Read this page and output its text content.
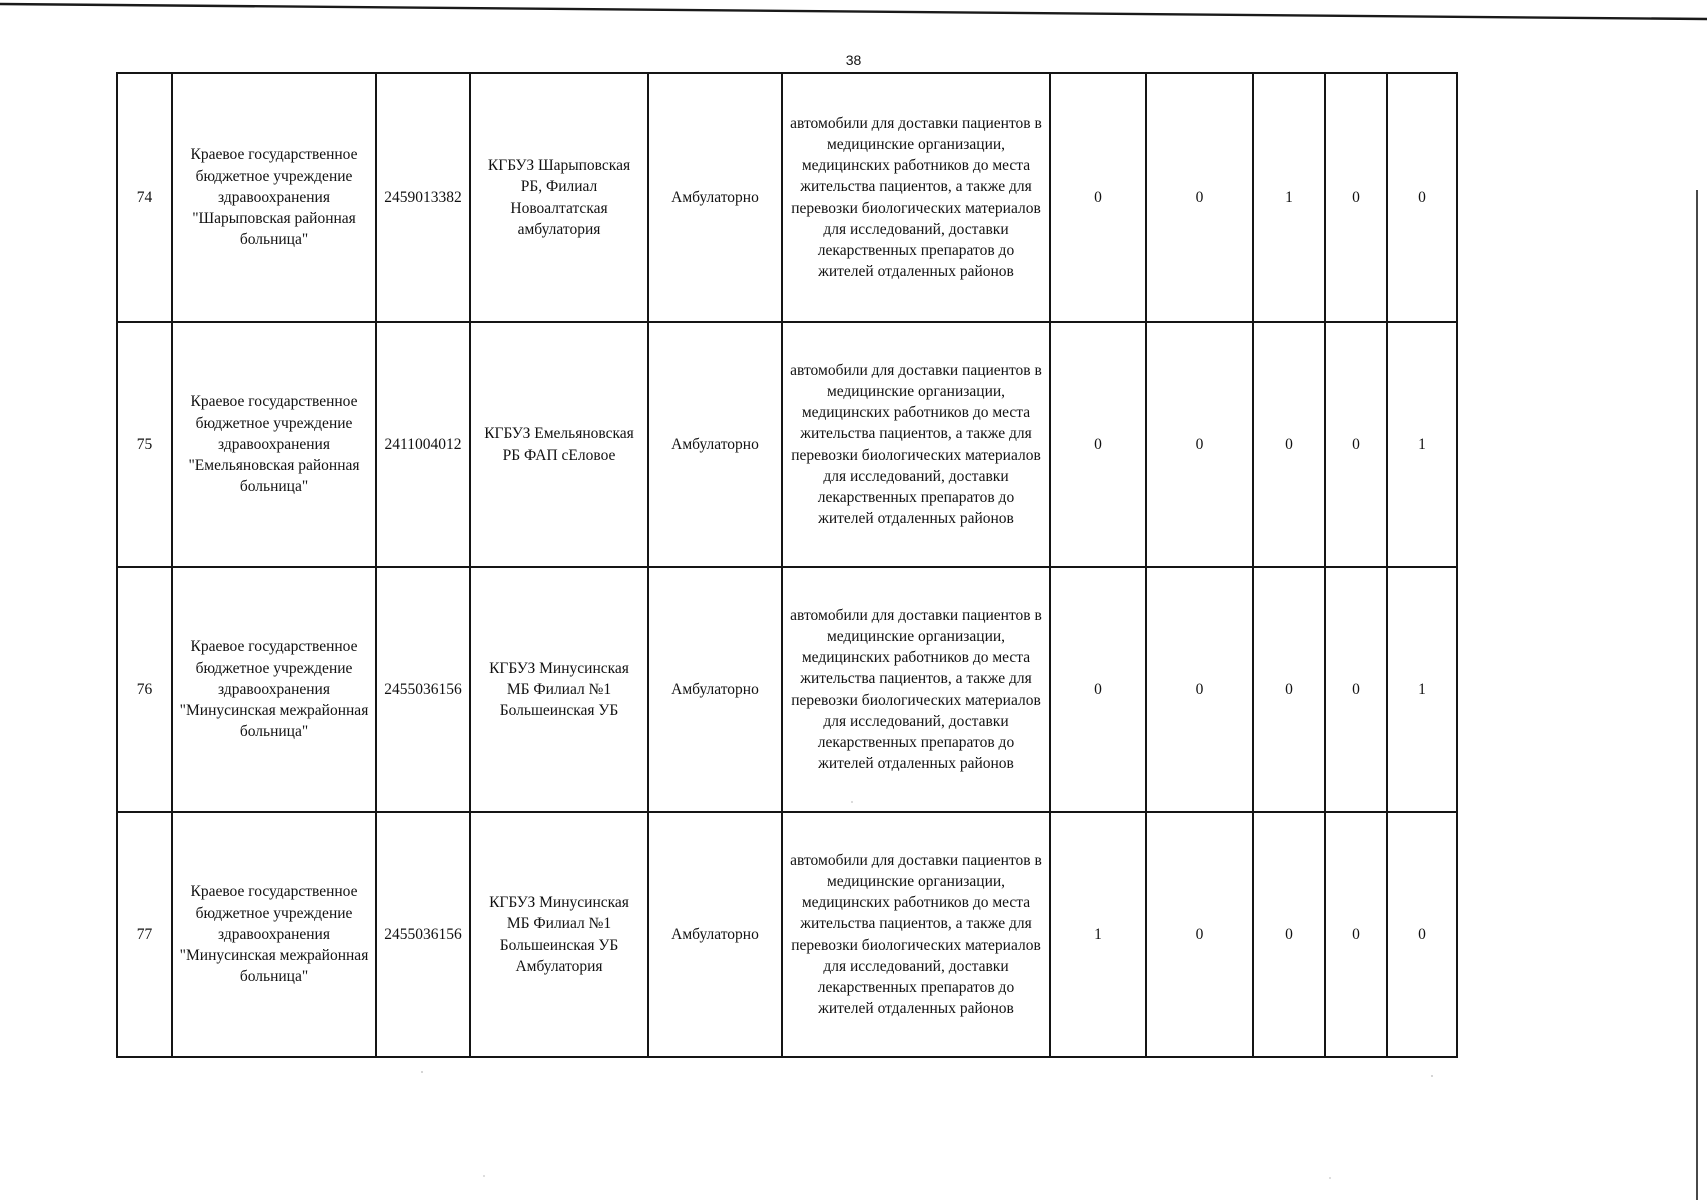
38
74	Краевое государственное бюджетное учреждение здравоохранения "Шарыповская районная больница"	2459013382	КГБУЗ Шарыповская РБ, Филиал Новоалтатская амбулатория	Амбулаторно	автомобили для доставки пациентов в медицинские организации, медицинских работников до места жительства пациентов, а также для перевозки биологических материалов для исследований, доставки лекарственных препаратов до жителей отдаленных районов	0	0	1	0	0
75	Краевое государственное бюджетное учреждение здравоохранения "Емельяновская районная больница"	2411004012	КГБУЗ Емельяновская РБ ФАП сЕловое	Амбулаторно	автомобили для доставки пациентов в медицинские организации, медицинских работников до места жительства пациентов, а также для перевозки биологических материалов для исследований, доставки лекарственных препаратов до жителей отдаленных районов	0	0	0	0	1
76	Краевое государственное бюджетное учреждение здравоохранения "Минусинская межрайонная больница"	2455036156	КГБУЗ Минусинская МБ Филиал №1 Большеинская УБ	Амбулаторно	автомобили для доставки пациентов в медицинские организации, медицинских работников до места жительства пациентов, а также для перевозки биологических материалов для исследований, доставки лекарственных препаратов до жителей отдаленных районов	0	0	0	0	1
77	Краевое государственное бюджетное учреждение здравоохранения "Минусинская межрайонная больница"	2455036156	КГБУЗ Минусинская МБ Филиал №1 Большеинская УБ Амбулатория	Амбулаторно	автомобили для доставки пациентов в медицинские организации, медицинских работников до места жительства пациентов, а также для перевозки биологических материалов для исследований, доставки лекарственных препаратов до жителей отдаленных районов	1	0	0	0	0
